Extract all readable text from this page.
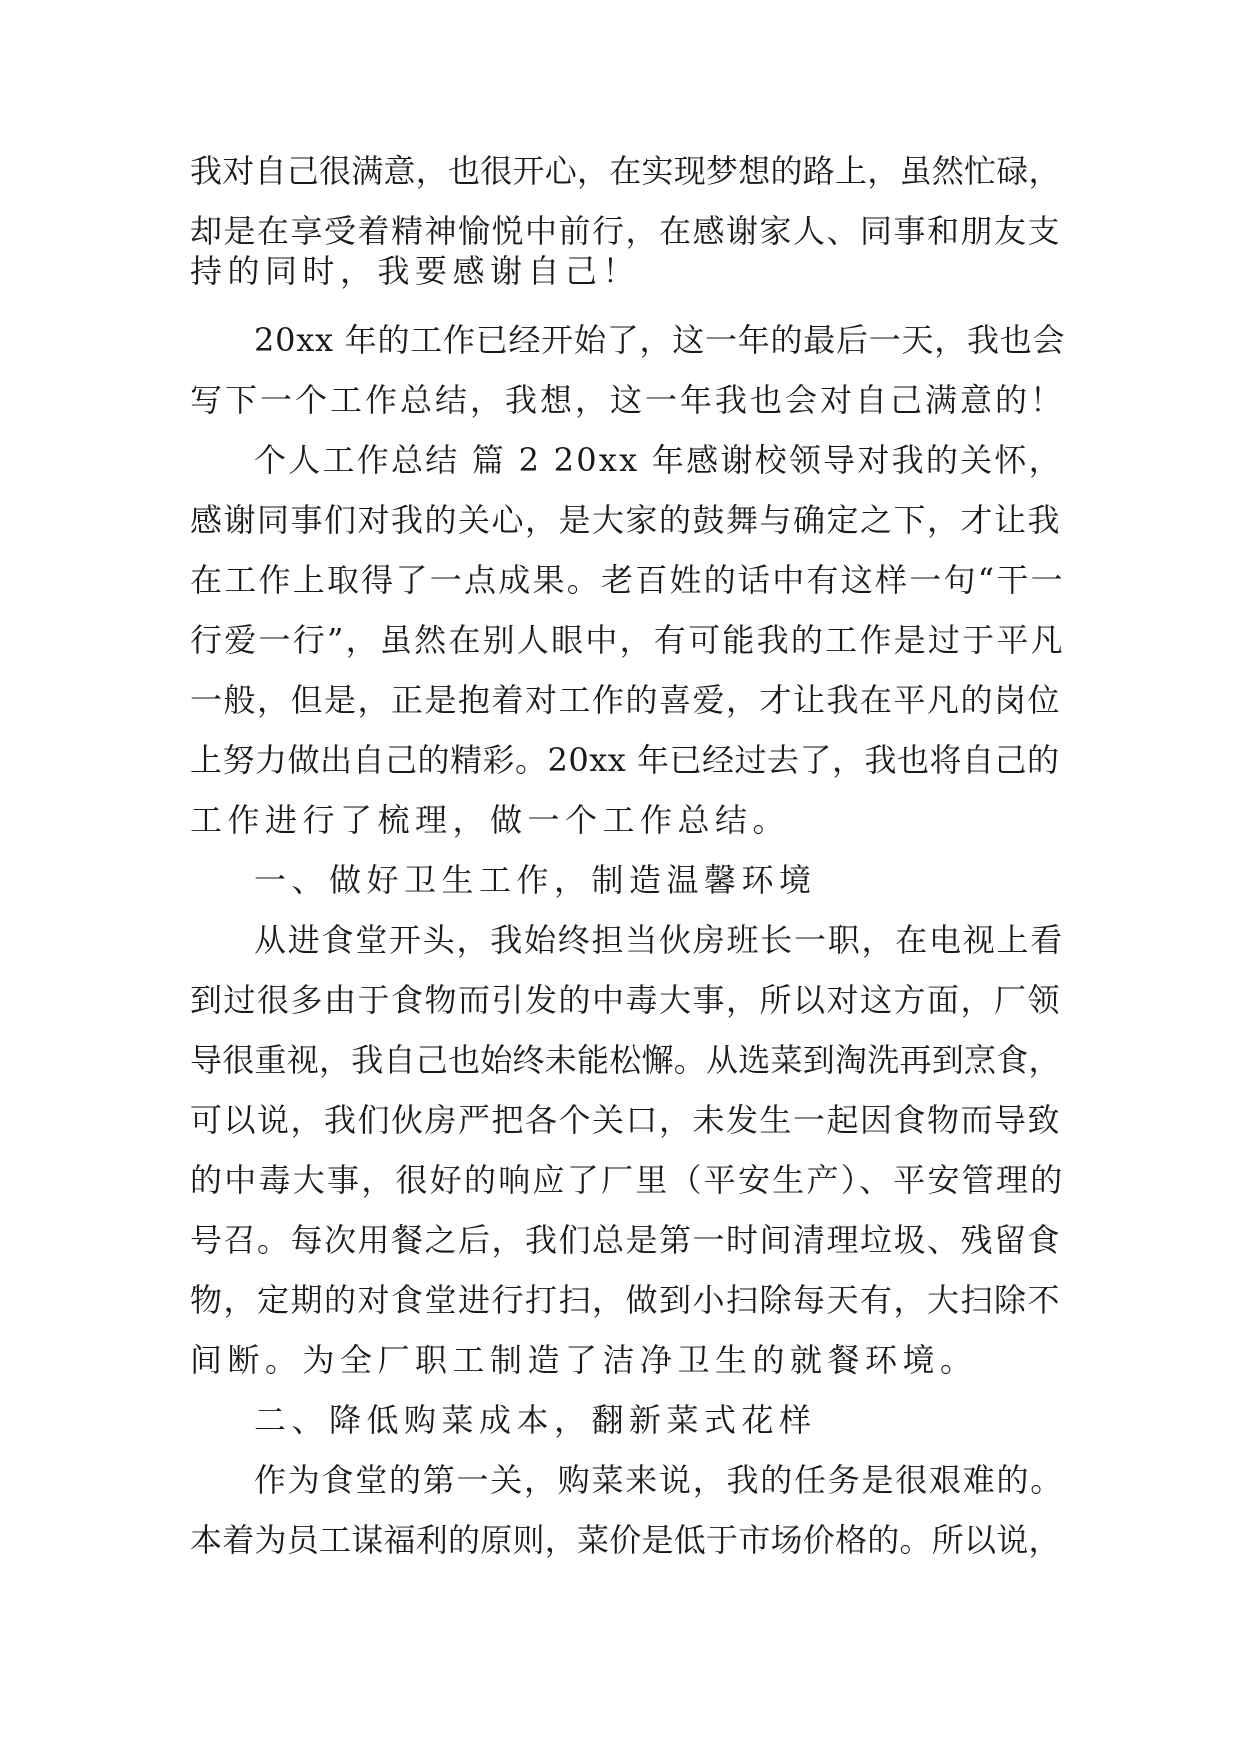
我对自己很满意，也很开心，在实现梦想的路上，虽然忙碌，
却是在享受着精神愉悦中前行，在感谢家人、同事和朋友支
持的同时，我要感谢自己！
20xx 年的工作已经开始了，这一年的最后一天，我也会
写下一个工作总结，我想，这一年我也会对自己满意的！
个人工作总结 篇 2 20xx 年感谢校领导对我的关怀，
感谢同事们对我的关心，是大家的鼓舞与确定之下，才让我
在工作上取得了一点成果。老百姓的话中有这样一句“干一
行爱一行”，虽然在别人眼中，有可能我的工作是过于平凡
一般，但是，正是抱着对工作的喜爱，才让我在平凡的岗位
上努力做出自己的精彩。20xx 年已经过去了，我也将自己的
工作进行了梳理，做一个工作总结。
一、做好卫生工作，制造温馨环境
从进食堂开头，我始终担当伙房班长一职，在电视上看
到过很多由于食物而引发的中毒大事，所以对这方面，厂领
导很重视，我自己也始终未能松懈。从选菜到淘洗再到烹食，
可以说，我们伙房严把各个关口，未发生一起因食物而导致
的中毒大事，很好的响应了厂里（平安生产）、平安管理的
号召。每次用餐之后，我们总是第一时间清理垃圾、残留食
物，定期的对食堂进行打扫，做到小扫除每天有，大扫除不
间断。为全厂职工制造了洁净卫生的就餐环境。
二、降低购菜成本，翻新菜式花样
作为食堂的第一关，购菜来说，我的任务是很艰难的。
本着为员工谋福利的原则，菜价是低于市场价格的。所以说，
